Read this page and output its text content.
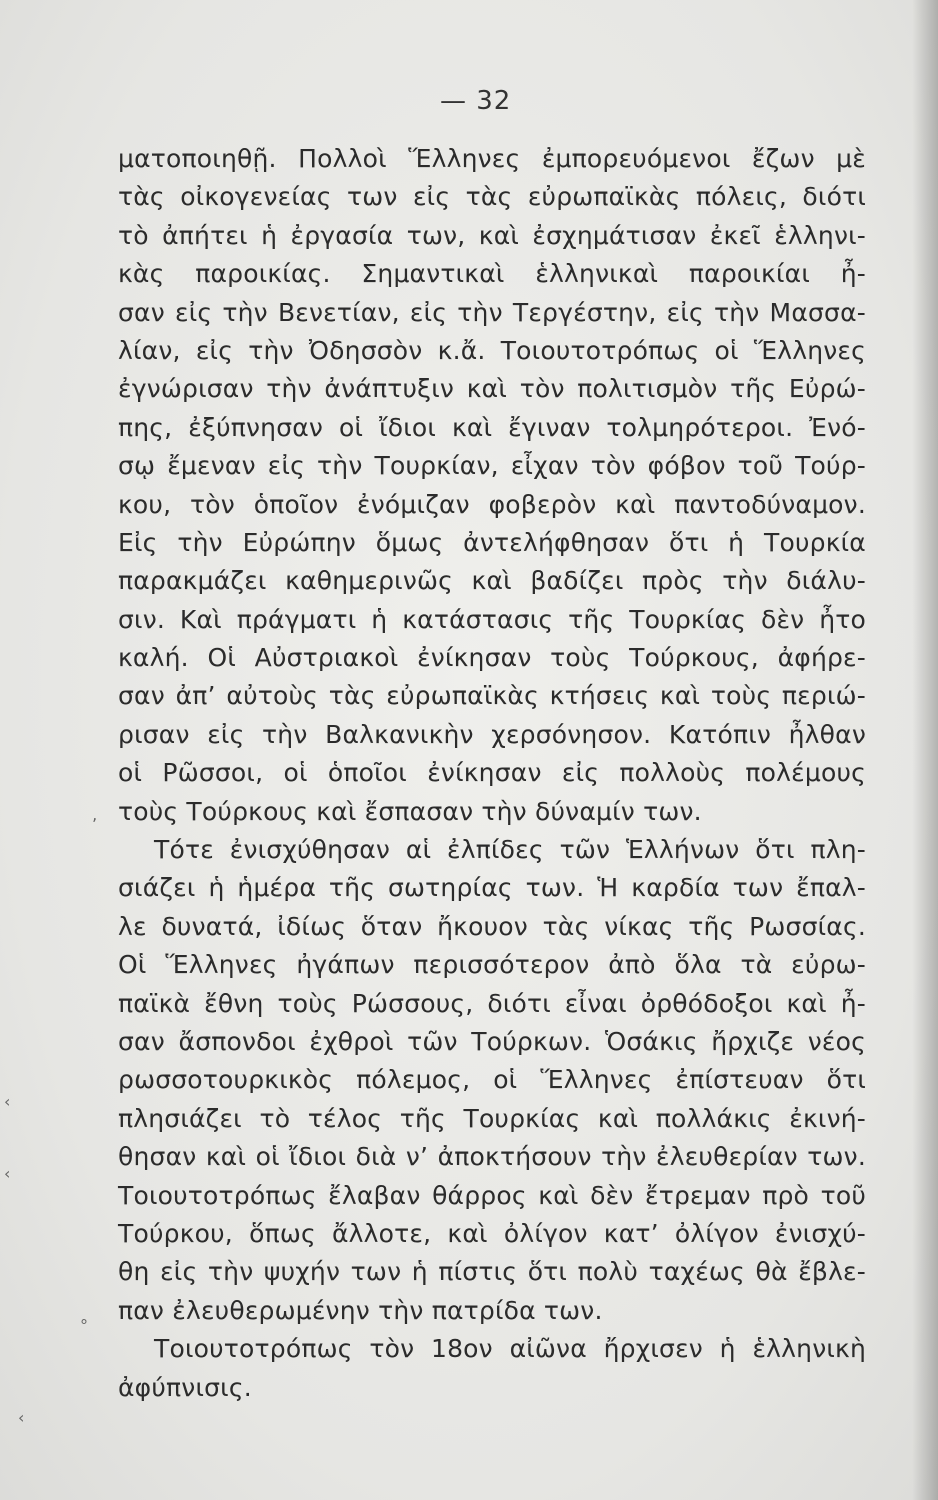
— 32
ματοποιηθῇ. Πολλοὶ Ἕλληνες ἐμπορευόμενοι ἔζων μὲ
τὰς οἰκογενείας των εἰς τὰς εὐρωπαϊκὰς πόλεις, διότι
τὸ ἀπήτει ἡ ἐργασία των, καὶ ἐσχημάτισαν ἐκεῖ ἑλληνι-
κὰς παροικίας. Σημαντικαὶ ἑλληνικαὶ παροικίαι ἦ-
σαν εἰς τὴν Βενετίαν, εἰς τὴν Τεργέστην, εἰς τὴν Μασσα-
λίαν, εἰς τὴν Ὀδησσὸν κ.ἄ. Τοιουτοτρόπως οἱ Ἕλληνες
ἐγνώρισαν τὴν ἀνάπτυξιν καὶ τὸν πολιτισμὸν τῆς Εὐρώ-
πης, ἐξύπνησαν οἱ ἴδιοι καὶ ἔγιναν τολμηρότεροι. Ἐνό-
σῳ ἔμεναν εἰς τὴν Τουρκίαν, εἶχαν τὸν φόβον τοῦ Τούρ-
κου, τὸν ὁποῖον ἐνόμιζαν φοβερὸν καὶ παντοδύναμον.
Εἰς τὴν Εὐρώπην ὅμως ἀντελήφθησαν ὅτι ἡ Τουρκία
παρακμάζει καθημερινῶς καὶ βαδίζει πρὸς τὴν διάλυ-
σιν. Καὶ πράγματι ἡ κατάστασις τῆς Τουρκίας δὲν ἦτο
καλή. Οἱ Αὐστριακοὶ ἐνίκησαν τοὺς Τούρκους, ἀφήρε-
σαν ἀπ’ αὐτοὺς τὰς εὐρωπαϊκὰς κτήσεις καὶ τοὺς περιώ-
ρισαν εἰς τὴν Βαλκανικὴν χερσόνησον. Κατόπιν ἦλθαν
οἱ Ρῶσσοι, οἱ ὁποῖοι ἐνίκησαν εἰς πολλοὺς πολέμους
τοὺς Τούρκους καὶ ἔσπασαν τὴν δύναμίν των.
Τότε ἐνισχύθησαν αἱ ἐλπίδες τῶν Ἑλλήνων ὅτι πλη-
σιάζει ἡ ἡμέρα τῆς σωτηρίας των. Ἡ καρδία των ἔπαλ-
λε δυνατά, ἰδίως ὅταν ἤκουον τὰς νίκας τῆς Ρωσσίας.
Οἱ Ἕλληνες ἠγάπων περισσότερον ἀπὸ ὅλα τὰ εὐρω-
παϊκὰ ἔθνη τοὺς Ρώσσους, διότι εἶναι ὀρθόδοξοι καὶ ἦ-
σαν ἄσπονδοι ἐχθροὶ τῶν Τούρκων. Ὁσάκις ἤρχιζε νέος
ρωσσοτουρκικὸς πόλεμος, οἱ Ἕλληνες ἐπίστευαν ὅτι
πλησιάζει τὸ τέλος τῆς Τουρκίας καὶ πολλάκις ἐκινή-
θησαν καὶ οἱ ἴδιοι διὰ ν’ ἀποκτήσουν τὴν ἐλευθερίαν των.
Τοιουτοτρόπως ἔλαβαν θάρρος καὶ δὲν ἔτρεμαν πρὸ τοῦ
Τούρκου, ὅπως ἄλλοτε, καὶ ὀλίγον κατ’ ὀλίγον ἐνισχύ-
θη εἰς τὴν ψυχήν των ἡ πίστις ὅτι πολὺ ταχέως θὰ ἔβλε-
παν ἐλευθερωμένην τὴν πατρίδα των.
Τοιουτοτρόπως τὸν 18ον αἰῶνα ἤρχισεν ἡ ἑλληνικὴ
ἀφύπνισις.
‚
‹
‹
°
‹
